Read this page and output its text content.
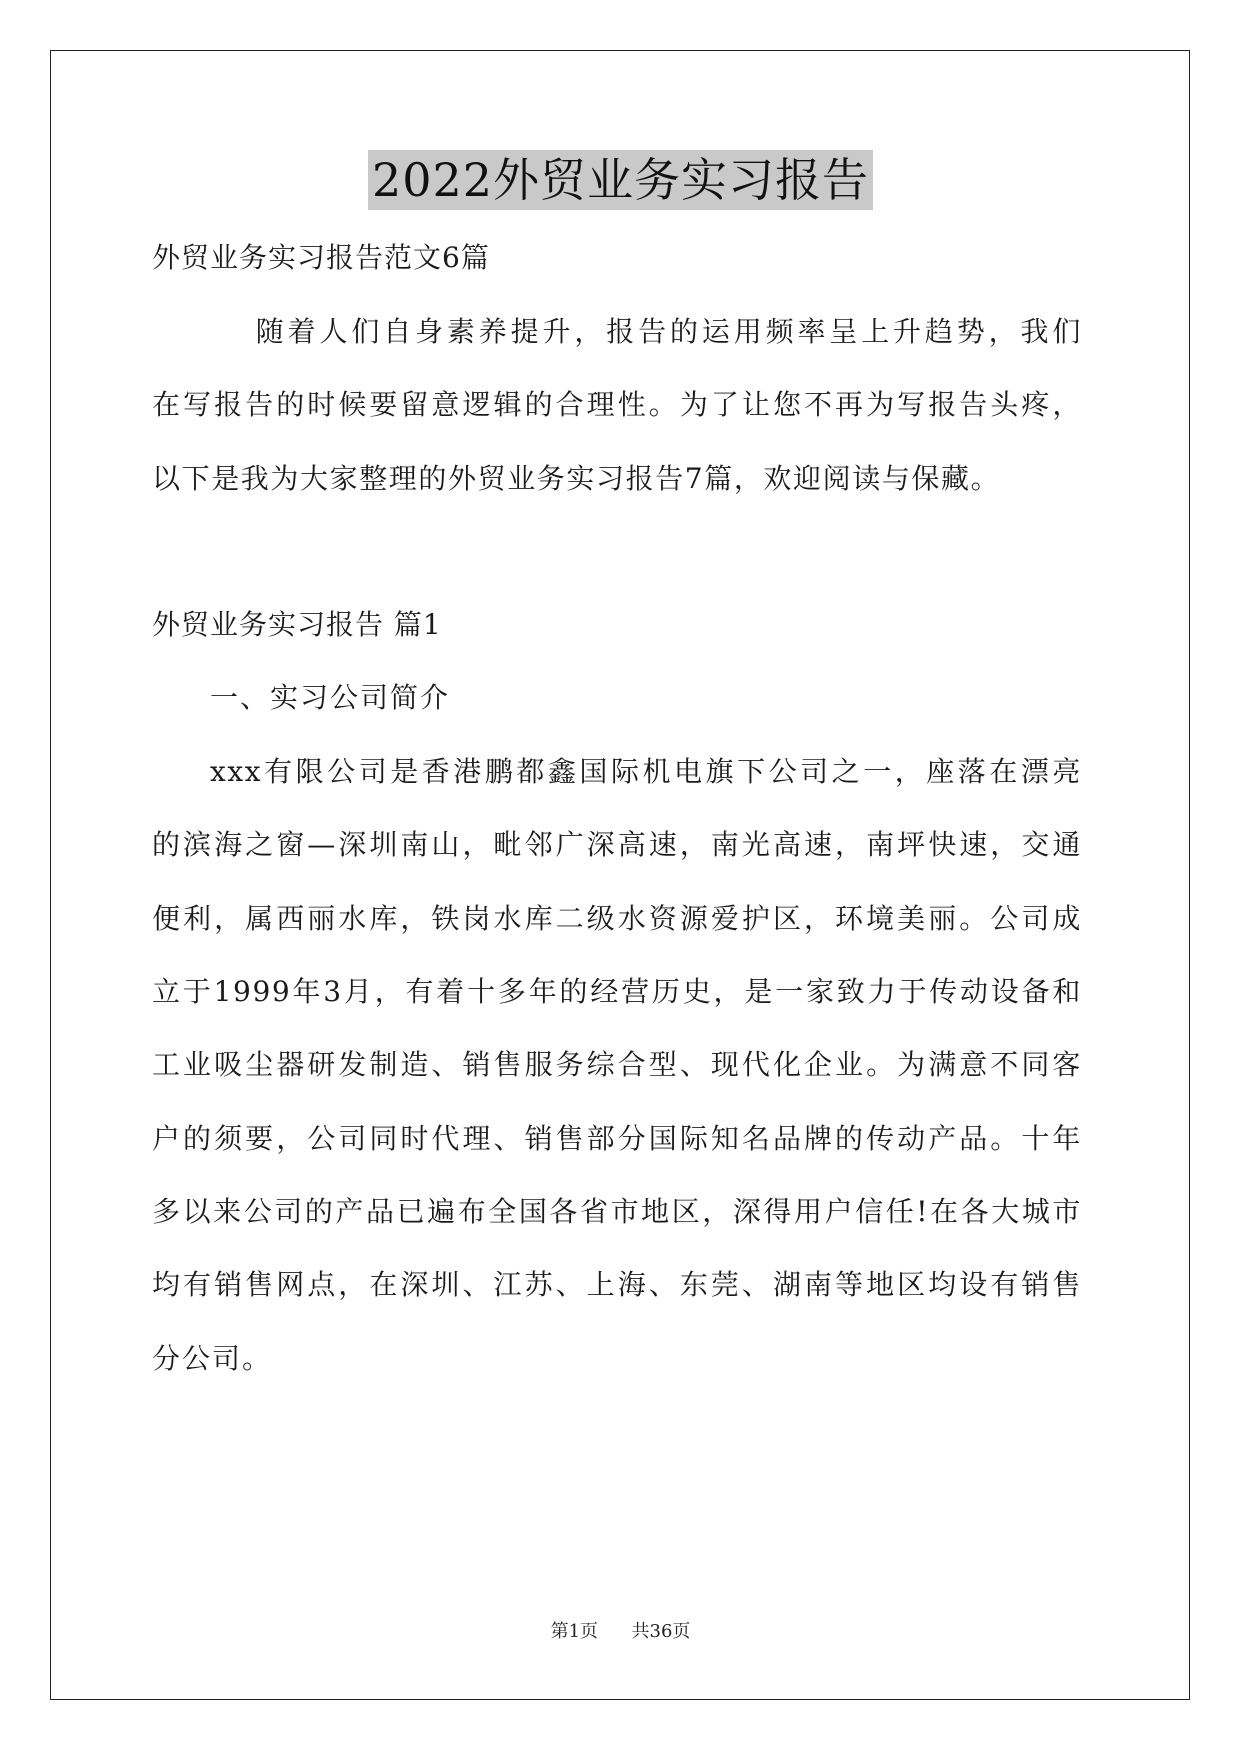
2022外贸业务实习报告
外贸业务实习报告范文6篇
　　随着人们自身素养提升，报告的运用频率呈上升趋势，我们
在写报告的时候要留意逻辑的合理性。为了让您不再为写报告头疼，
以下是我为大家整理的外贸业务实习报告7篇，欢迎阅读与保藏。
外贸业务实习报告 篇1
一、实习公司简介
xxx有限公司是香港鹏都鑫国际机电旗下公司之一，座落在漂亮
的滨海之窗—深圳南山，毗邻广深高速，南光高速，南坪快速，交通
便利，属西丽水库，铁岗水库二级水资源爱护区，环境美丽。公司成
立于1999年3月，有着十多年的经营历史，是一家致力于传动设备和
工业吸尘器研发制造、销售服务综合型、现代化企业。为满意不同客
户的须要，公司同时代理、销售部分国际知名品牌的传动产品。十年
多以来公司的产品已遍布全国各省市地区，深得用户信任!在各大城市
均有销售网点，在深圳、江苏、上海、东莞、湖南等地区均设有销售
分公司。
第1页 共36页
